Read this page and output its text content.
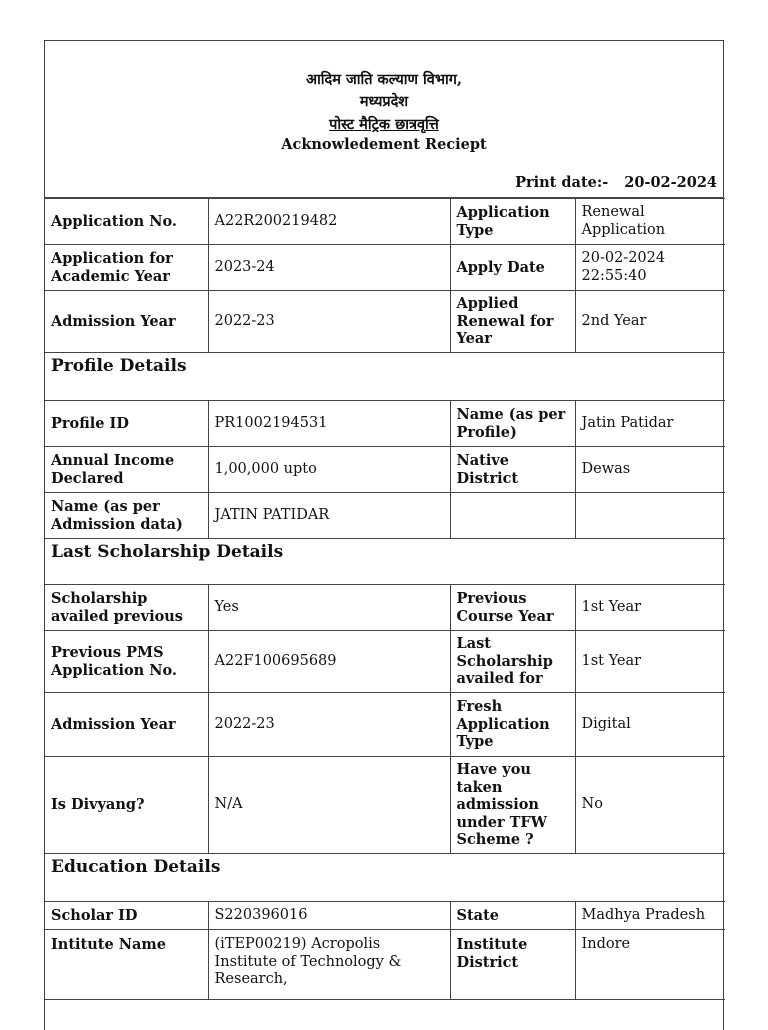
आदिम जाति कल्याण विभाग,
मध्यप्रदेश
पोस्ट मैट्रिक छात्रवृत्ति
Acknowledement Reciept
Print date:- 20-02-2024
Application No.	A22R200219482	Application Type	Renewal Application
Application for Academic Year	2023-24	Apply Date	20-02-2024 22:55:40
Admission Year	2022-23	Applied Renewal for Year	2nd Year
Profile Details			
Profile ID	PR1002194531	Name (as per Profile)	Jatin Patidar
Annual Income Declared	1,00,000 upto	Native District	Dewas
Name (as per Admission data)	JATIN PATIDAR		
Last Scholarship Details			
Scholarship availed previous	Yes	Previous Course Year	1st Year
Previous PMS Application No.	A22F100695689	Last Scholarship availed for	1st Year
Admission Year	2022-23	Fresh Application Type	Digital
Is Divyang?	N/A	Have you taken admission under TFW Scheme ?	No
Education Details			
Scholar ID	S220396016	State	Madhya Pradesh
Intitute Name	(iTEP00219) Acropolis Institute of Technology & Research,	Institute District	Indore
